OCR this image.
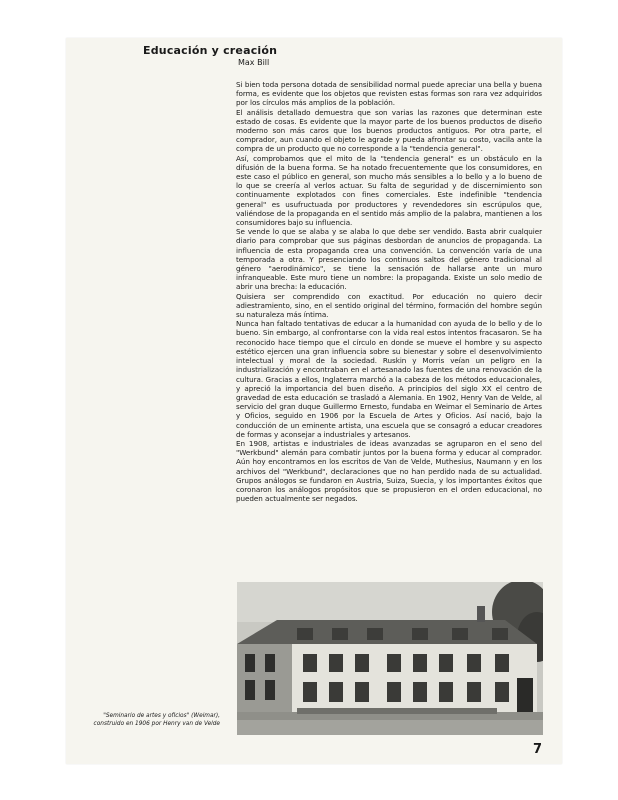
Educación y creación
Max Bill

Si bien toda persona dotada de sensibilidad normal puede apreciar una bella y buena forma, es evidente que los objetos que revisten estas formas son rara vez adquiridos por los círculos más amplios de la población.

El análisis detallado demuestra que son varias las razones que determinan este estado de cosas. Es evidente que la mayor parte de los buenos productos de diseño moderno son más caros que los buenos productos antiguos. Por otra parte, el comprador, aun cuando el objeto le agrade y pueda afrontar su costo, vacila ante la compra de un producto que no corresponde a la "tendencia general".

Así, comprobamos que el mito de la "tendencia general" es un obstáculo en la difusión de la buena forma. Se ha notado frecuentemente que los consumidores, en este caso el público en general, son mucho más sensibles a lo bello y a lo bueno de lo que se creería al verlos actuar. Su falta de seguridad y de discernimiento son continuamente explotados con fines comerciales. Este indefinible "tendencia general" es usufructuada por productores y revendedores sin escrúpulos que, valiéndose de la propaganda en el sentido más amplio de la palabra, mantienen a los consumidores bajo su influencia.

Se vende lo que se alaba y se alaba lo que debe ser vendido. Basta abrir cualquier diario para comprobar que sus páginas desbordan de anuncios de propaganda. La influencia de esta propaganda crea una convención. La convención varía de una temporada a otra. Y presenciando los continuos saltos del género tradicional al género "aerodinámico", se tiene la sensación de hallarse ante un muro infranqueable. Este muro tiene un nombre: la propaganda. Existe un solo medio de abrir una brecha: la educación.

Quisiera ser comprendido con exactitud. Por educación no quiero decir adiestramiento, sino, en el sentido original del término, formación del hombre según su naturaleza más íntima.

Nunca han faltado tentativas de educar a la humanidad con ayuda de lo bello y de lo bueno. Sin embargo, al confrontarse con la vida real estos intentos fracasaron. Se ha reconocido hace tiempo que el círculo en donde se mueve el hombre y su aspecto estético ejercen una gran influencia sobre su bienestar y sobre el desenvolvimiento intelectual y moral de la sociedad. Ruskin y Morris veían un peligro en la industrialización y encontraban en el artesanado las fuentes de una renovación de la cultura. Gracias a ellos, Inglaterra marchó a la cabeza de los métodos educacionales, y apreció la importancia del buen diseño. A principios del siglo XX el centro de gravedad de esta educación se trasladó a Alemania. En 1902, Henry Van de Velde, al servicio del gran duque Guillermo Ernesto, fundaba en Weimar el Seminario de Artes y Oficios, seguido en 1906 por la Escuela de Artes y Oficios. Así nació, bajo la conducción de un eminente artista, una escuela que se consagró a educar creadores de formas y aconsejar a industriales y artesanos.

En 1908, artistas e industriales de ideas avanzadas se agruparon en el seno del "Werkbund" alemán para combatir juntos por la buena forma y educar al comprador. Aún hoy encontramos en los escritos de Van de Velde, Muthesius, Naumann y en los archivos del "Werkbund", declaraciones que no han perdido nada de su actualidad. Grupos análogos se fundaron en Austria, Suiza, Suecia, y los importantes éxitos que coronaron los análogos propósitos que se propusieron en el orden educacional, no pueden actualmente ser negados.

"Seminario de artes y oficios" (Weimar), construido en 1906 por Henry van de Velde
7
